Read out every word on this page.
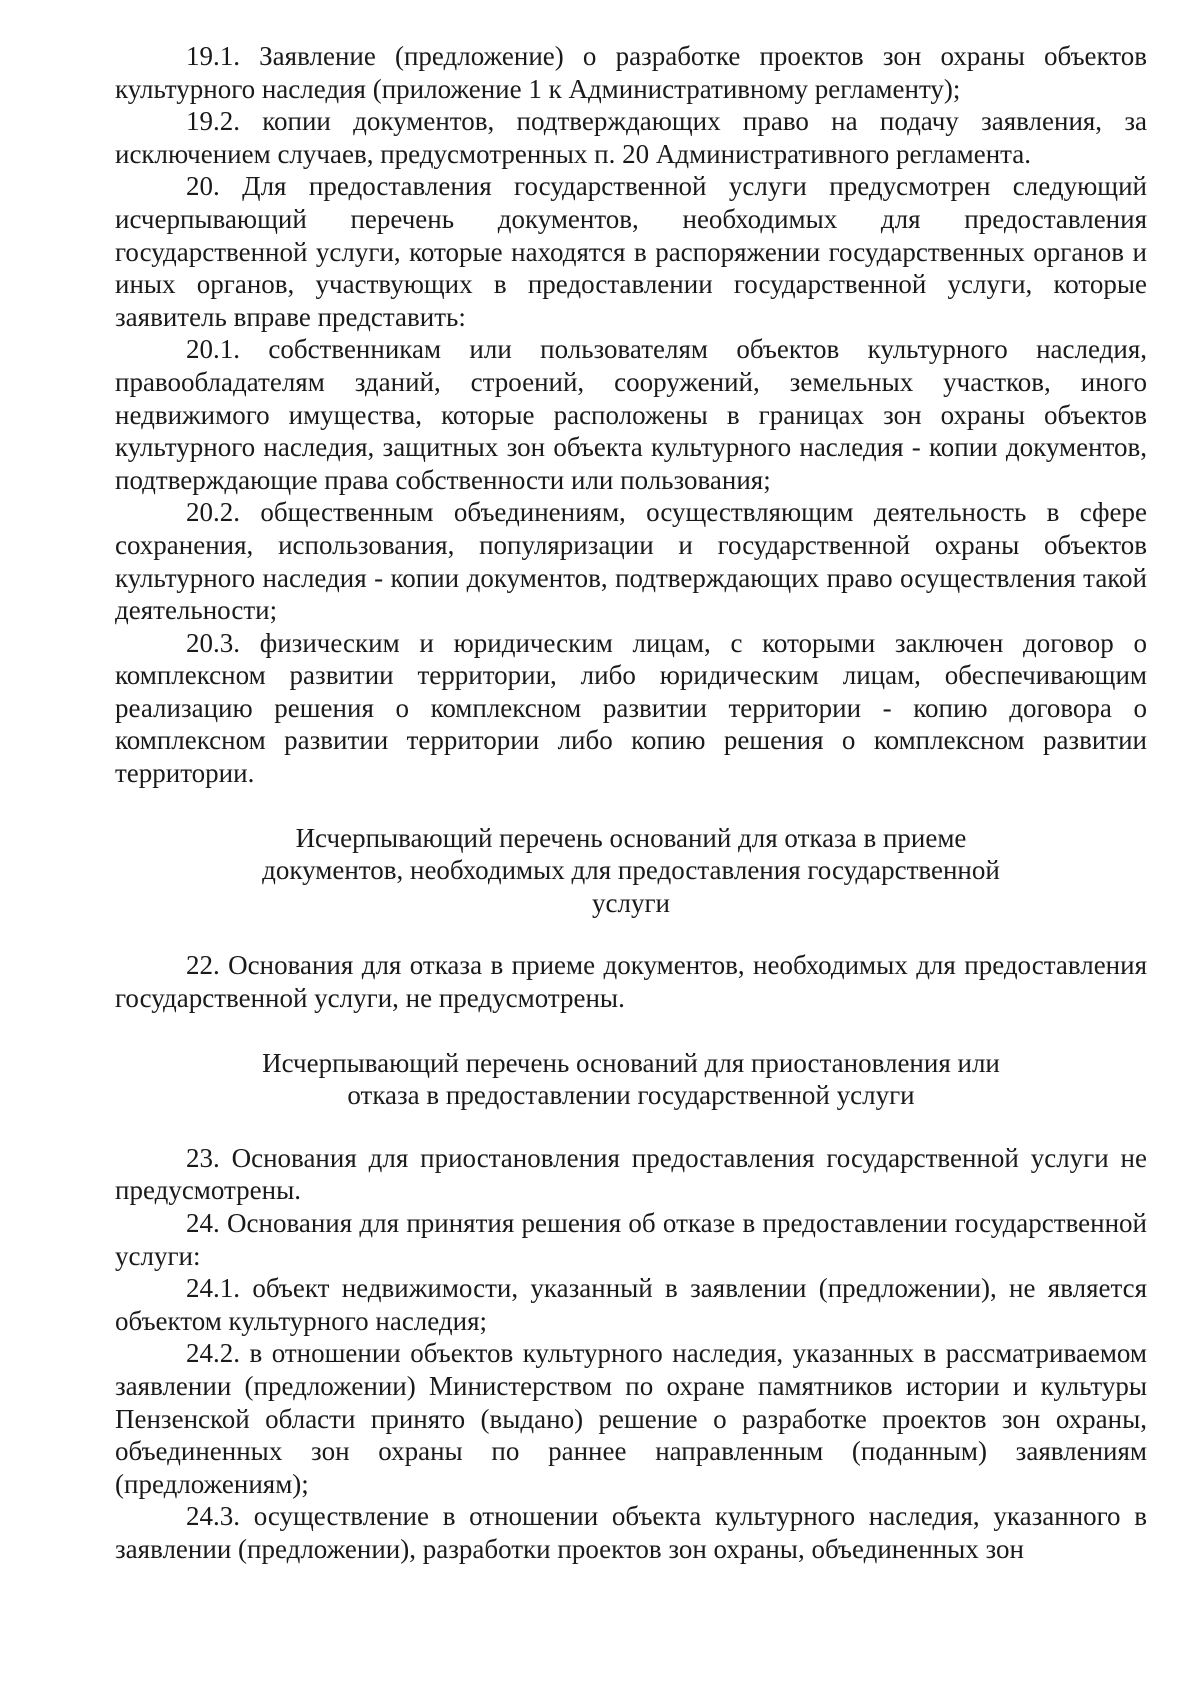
19.1. Заявление (предложение) о разработке проектов зон охраны объектов культурного наследия (приложение 1 к Административному регламенту);

19.2. копии документов, подтверждающих право на подачу заявления, за исключением случаев, предусмотренных п. 20 Административного регламента.

20. Для предоставления государственной услуги предусмотрен следующий исчерпывающий перечень документов, необходимых для предоставления государственной услуги, которые находятся в распоряжении государственных органов и иных органов, участвующих в предоставлении государственной услуги, которые заявитель вправе представить:

20.1. собственникам или пользователям объектов культурного наследия, правообладателям зданий, строений, сооружений, земельных участков, иного недвижимого имущества, которые расположены в границах зон охраны объектов культурного наследия, защитных зон объекта культурного наследия - копии документов, подтверждающие права собственности или пользования;

20.2. общественным объединениям, осуществляющим деятельность в сфере сохранения, использования, популяризации и государственной охраны объектов культурного наследия - копии документов, подтверждающих право осуществления такой деятельности;

20.3. физическим и юридическим лицам, с которыми заключен договор о комплексном развитии территории, либо юридическим лицам, обеспечивающим реализацию решения о комплексном развитии территории - копию договора о комплексном развитии территории либо копию решения о комплексном развитии территории.

Исчерпывающий перечень оснований для отказа в приеме
документов, необходимых для предоставления государственной
услуги

22. Основания для отказа в приеме документов, необходимых для предоставления государственной услуги, не предусмотрены.

Исчерпывающий перечень оснований для приостановления или
отказа в предоставлении государственной услуги

23. Основания для приостановления предоставления государственной услуги не предусмотрены.

24. Основания для принятия решения об отказе в предоставлении государственной услуги:

24.1. объект недвижимости, указанный в заявлении (предложении), не является объектом культурного наследия;

24.2. в отношении объектов культурного наследия, указанных в рассматриваемом заявлении (предложении) Министерством по охране памятников истории и культуры Пензенской области принято (выдано) решение о разработке проектов зон охраны, объединенных зон охраны по раннее направленным (поданным) заявлениям (предложениям);

24.3. осуществление в отношении объекта культурного наследия, указанного в заявлении (предложении), разработки проектов зон охраны, объединенных зон
